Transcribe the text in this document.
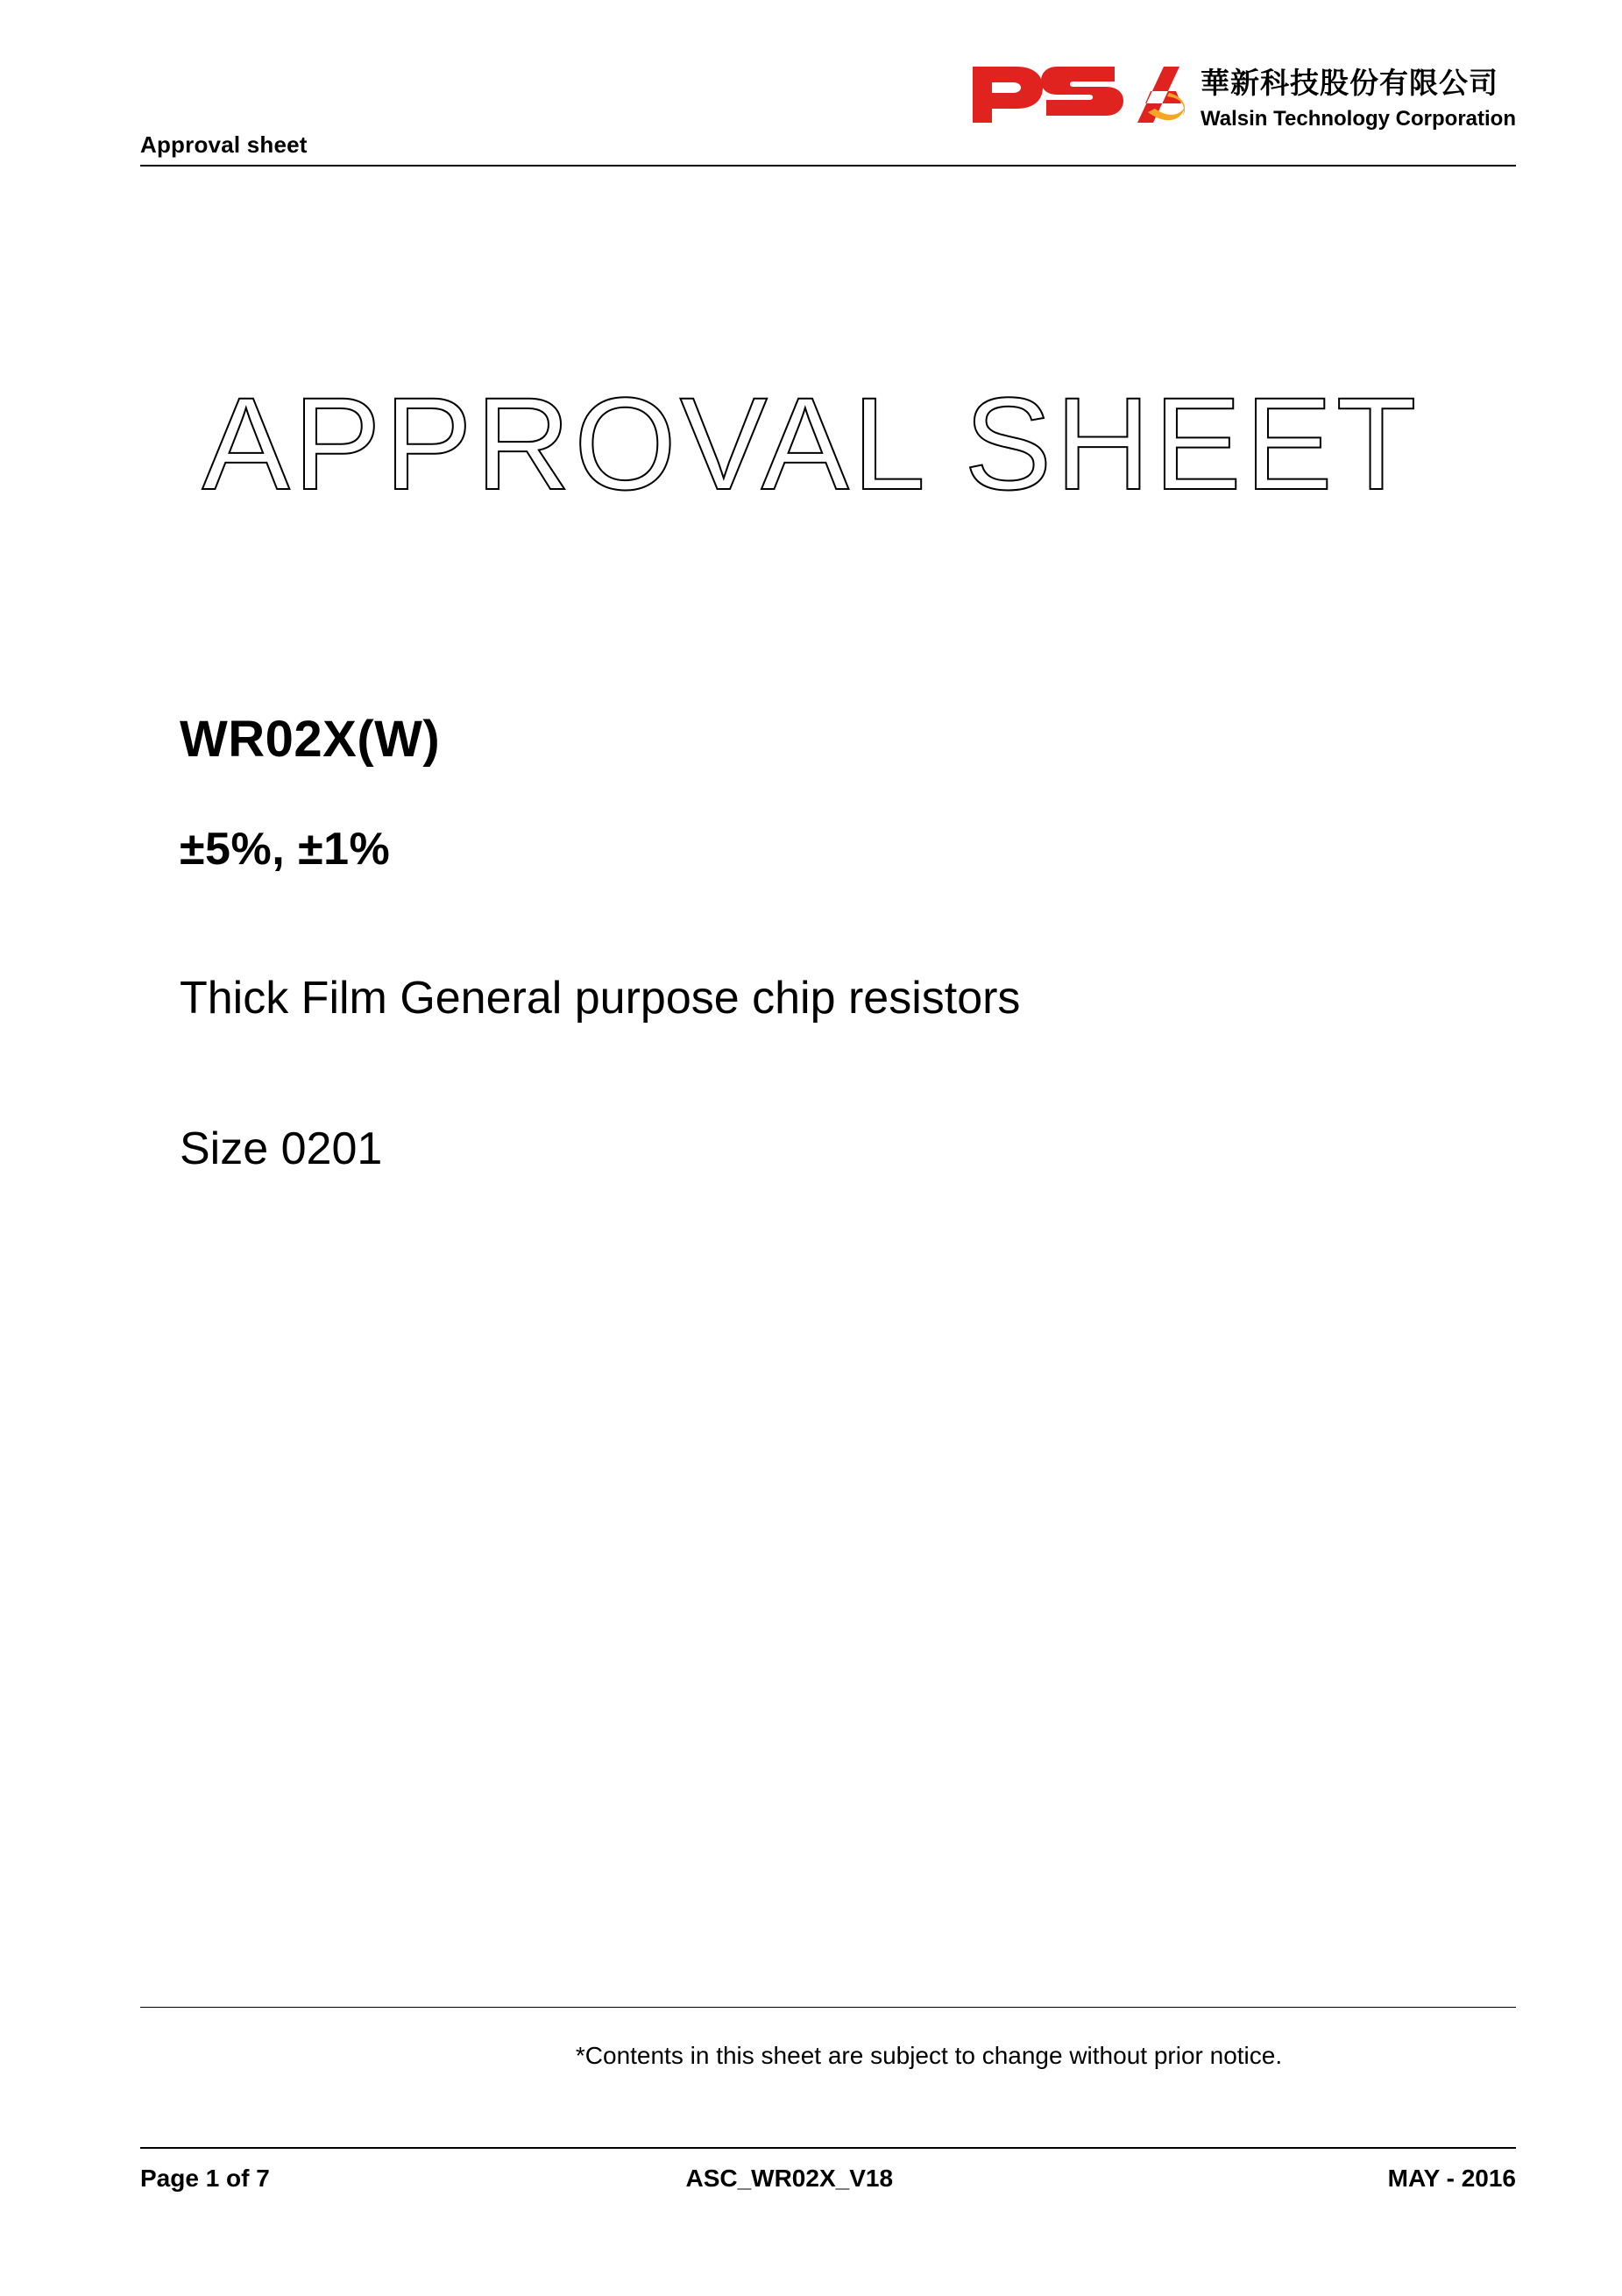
Approval sheet
華新科技股份有限公司
Walsin Technology Corporation
APPROVAL SHEET
WR02X(W)
±5%, ±1%
Thick Film General purpose chip resistors
Size 0201
*Contents in this sheet are subject to change without prior notice.
Page 1 of 7	ASC_WR02X_V18	MAY - 2016
